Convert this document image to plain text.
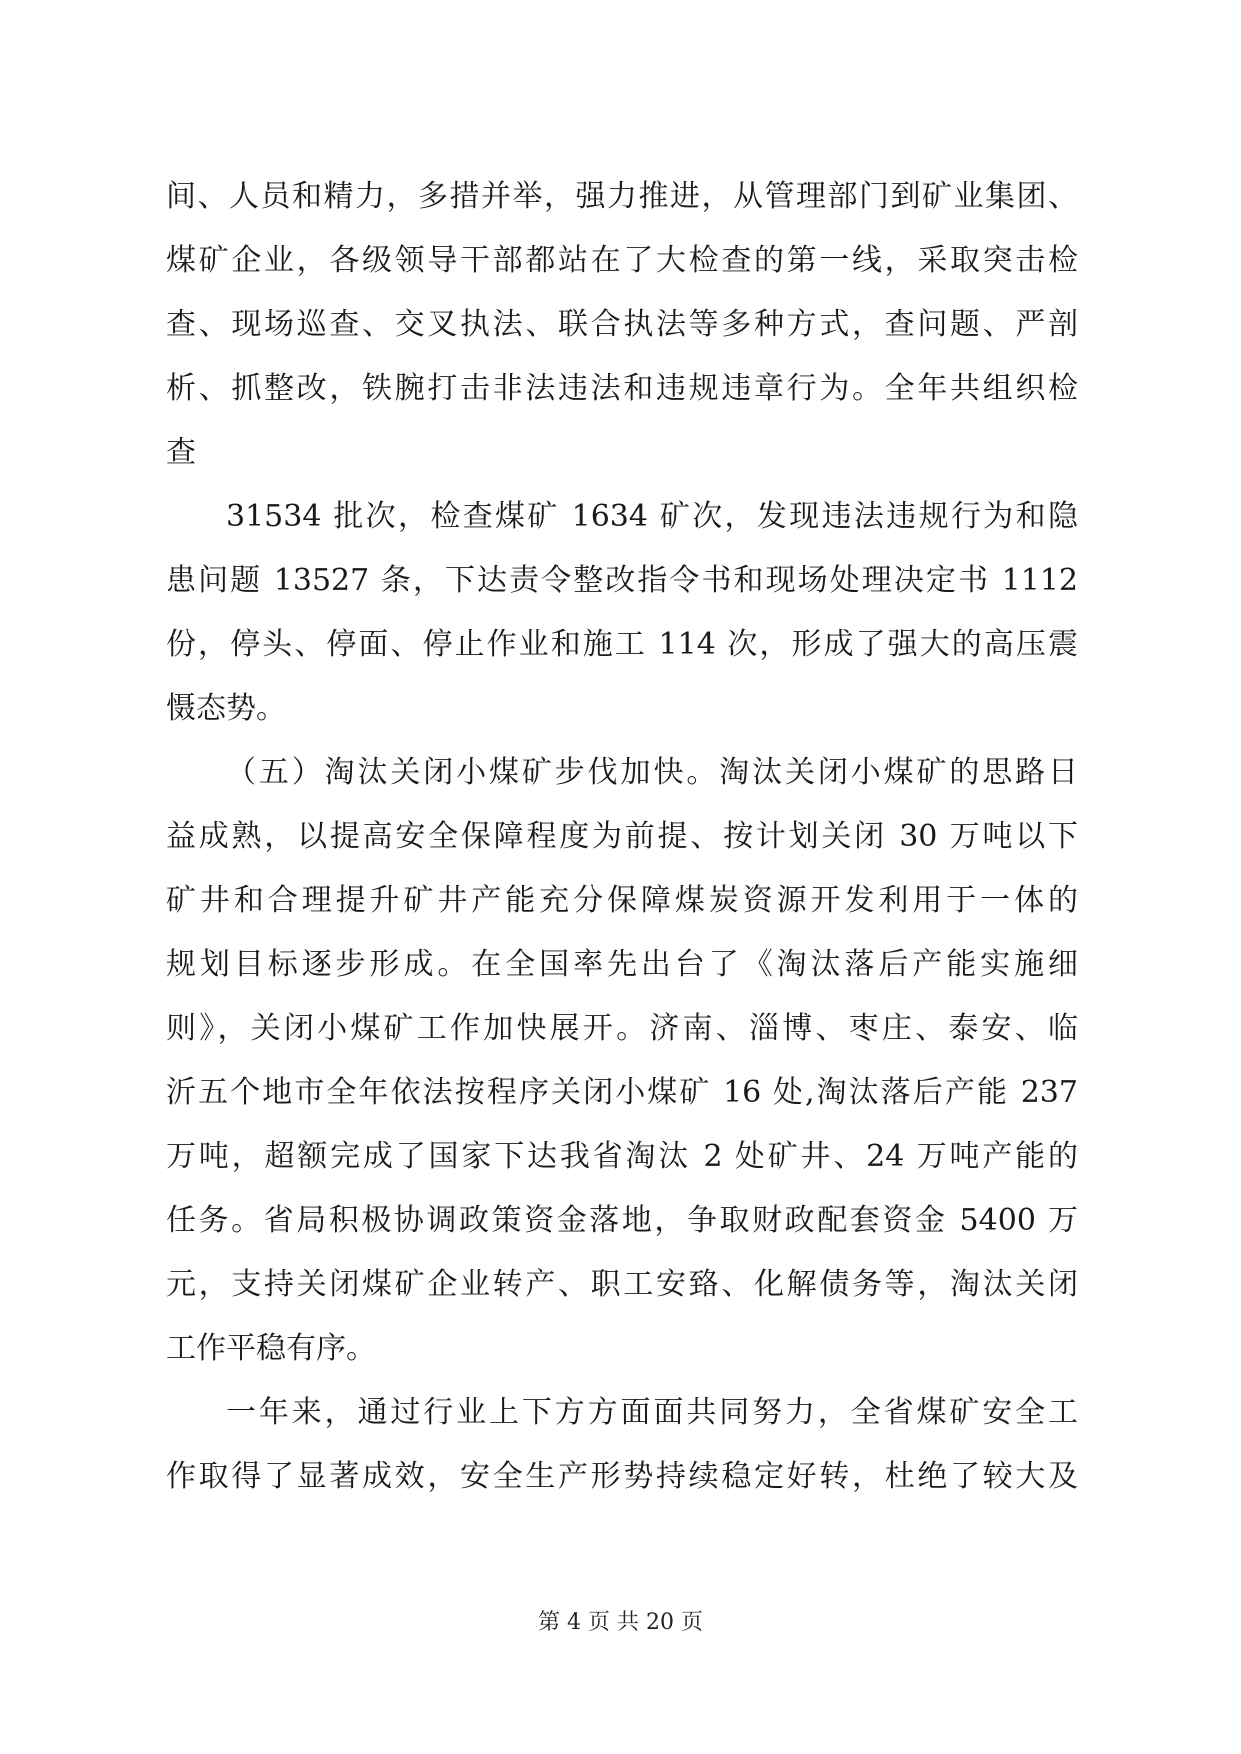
间、人员和精力，多措并举，强力推进，从管理部门到矿业集团、
煤矿企业，各级领导干部都站在了大检查的第一线，采取突击检
查、现场巡查、交叉执法、联合执法等多种方式，查问题、严剖
析、抓整改，铁腕打击非法违法和违规违章行为。全年共组织检
查
31534 批次，检查煤矿 1634 矿次，发现违法违规行为和隐
患问题 13527 条，下达责令整改指令书和现场处理决定书 1112
份，停头、停面、停止作业和施工 114 次，形成了强大的高压震
慑态势。
（五）淘汰关闭小煤矿步伐加快。淘汰关闭小煤矿的思路日
益成熟，以提高安全保障程度为前提、按计划关闭 30 万吨以下
矿井和合理提升矿井产能充分保障煤炭资源开发利用于一体的
规划目标逐步形成。在全国率先出台了《淘汰落后产能实施细
则》，关闭小煤矿工作加快展开。济南、淄博、枣庄、泰安、临
沂五个地市全年依法按程序关闭小煤矿 16 处,淘汰落后产能 237
万吨，超额完成了国家下达我省淘汰 2 处矿井、24 万吨产能的
任务。省局积极协调政策资金落地，争取财政配套资金 5400 万
元，支持关闭煤矿企业转产、职工安臵、化解债务等，淘汰关闭
工作平稳有序。
一年来，通过行业上下方方面面共同努力，全省煤矿安全工
作取得了显著成效，安全生产形势持续稳定好转，杜绝了较大及
第 4 页 共 20 页
